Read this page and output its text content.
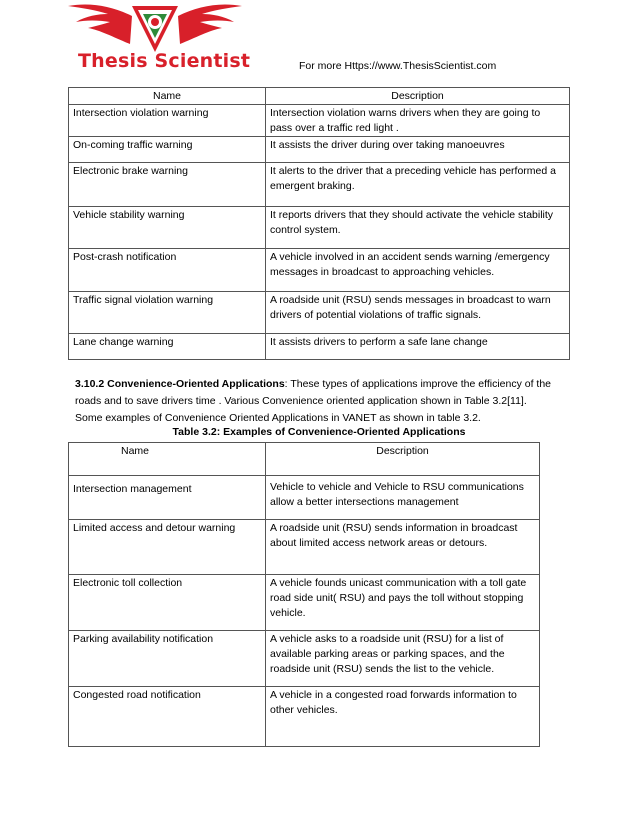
Thesis Scientist	For more Https://www.ThesisScientist.com
Name	Description
Intersection violation warning	Intersection violation warns drivers when they are going to pass over a traffic red light .
On-coming traffic warning	It assists the driver during over taking manoeuvres
Electronic brake warning	It alerts to the driver that a preceding vehicle has performed a emergent braking.
Vehicle stability warning	It reports drivers that they should activate the vehicle stability control system.
Post-crash notification	A vehicle involved in an accident sends warning /emergency messages in broadcast to approaching vehicles.
Traffic signal violation warning	A roadside unit (RSU) sends messages in broadcast to warn drivers of potential violations of traffic signals.
Lane change warning	It assists drivers to perform a safe lane change
3.10.2 Convenience-Oriented Applications: These types of applications improve the efficiency of the roads and to save drivers time . Various Convenience oriented application shown in Table 3.2[11]. Some examples of Convenience Oriented Applications in VANET as shown in table 3.2.
Table 3.2: Examples of Convenience-Oriented Applications
Name	Description
Intersection management	Vehicle to vehicle and Vehicle to RSU communications allow a better intersections management
Limited access and detour warning	A roadside unit (RSU) sends information in broadcast about limited access network areas or detours.
Electronic toll collection	A vehicle founds unicast communication with a toll gate road side unit( RSU) and pays the toll without stopping vehicle.
Parking availability notification	A vehicle asks to a roadside unit (RSU) for a list of available parking areas or parking spaces, and the roadside unit (RSU) sends the list to the vehicle.
Congested road notification	A vehicle in a congested road forwards information to other vehicles.
